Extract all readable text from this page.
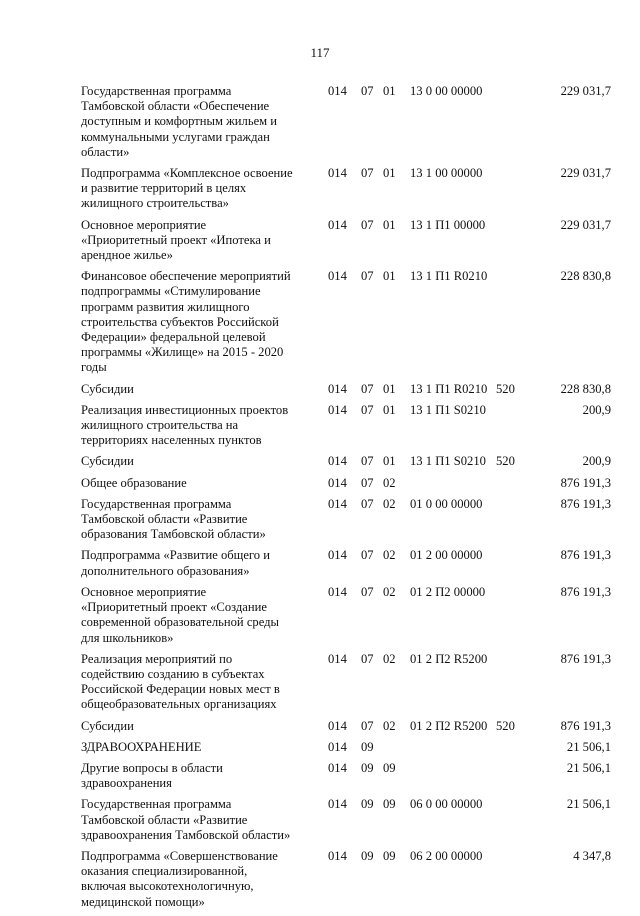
117
Государственная программа Тамбовской области «Обеспечение доступным и комфортным жильем и коммунальными услугами граждан области»
014 07 01 13 0 00 00000	229 031,7
Подпрограмма «Комплексное освоение и развитие территорий в целях жилищного строительства»
014 07 01 13 1 00 00000	229 031,7
Основное мероприятие «Приоритетный проект «Ипотека и арендное жилье»
014 07 01 13 1 П1 00000	229 031,7
Финансовое обеспечение мероприятий подпрограммы «Стимулирование программ развития жилищного строительства субъектов Российской Федерации» федеральной целевой программы «Жилище» на 2015 - 2020 годы
014 07 01 13 1 П1 R0210	228 830,8
Субсидии	014 07 01 13 1 П1 R0210 520	228 830,8
Реализация инвестиционных проектов жилищного строительства на территориях населенных пунктов
014 07 01 13 1 П1 S0210	200,9
Субсидии	014 07 01 13 1 П1 S0210 520	200,9
Общее образование	014 07 02	876 191,3
Государственная программа Тамбовской области «Развитие образования Тамбовской области»
014 07 02 01 0 00 00000	876 191,3
Подпрограмма «Развитие общего и дополнительного образования»
014 07 02 01 2 00 00000	876 191,3
Основное мероприятие «Приоритетный проект «Создание современной образовательной среды для школьников»
014 07 02 01 2 П2 00000	876 191,3
Реализация мероприятий по содействию созданию в субъектах Российской Федерации новых мест в общеобразовательных организациях
014 07 02 01 2 П2 R5200	876 191,3
Субсидии	014 07 02 01 2 П2 R5200 520	876 191,3
ЗДРАВООХРАНЕНИЕ	014 09	21 506,1
Другие вопросы в области здравоохранения
014 09 09	21 506,1
Государственная программа Тамбовской области «Развитие здравоохранения Тамбовской области»
014 09 09 06 0 00 00000	21 506,1
Подпрограмма «Совершенствование оказания специализированной, включая высокотехнологичную, медицинской помощи»
014 09 09 06 2 00 00000	4 347,8
